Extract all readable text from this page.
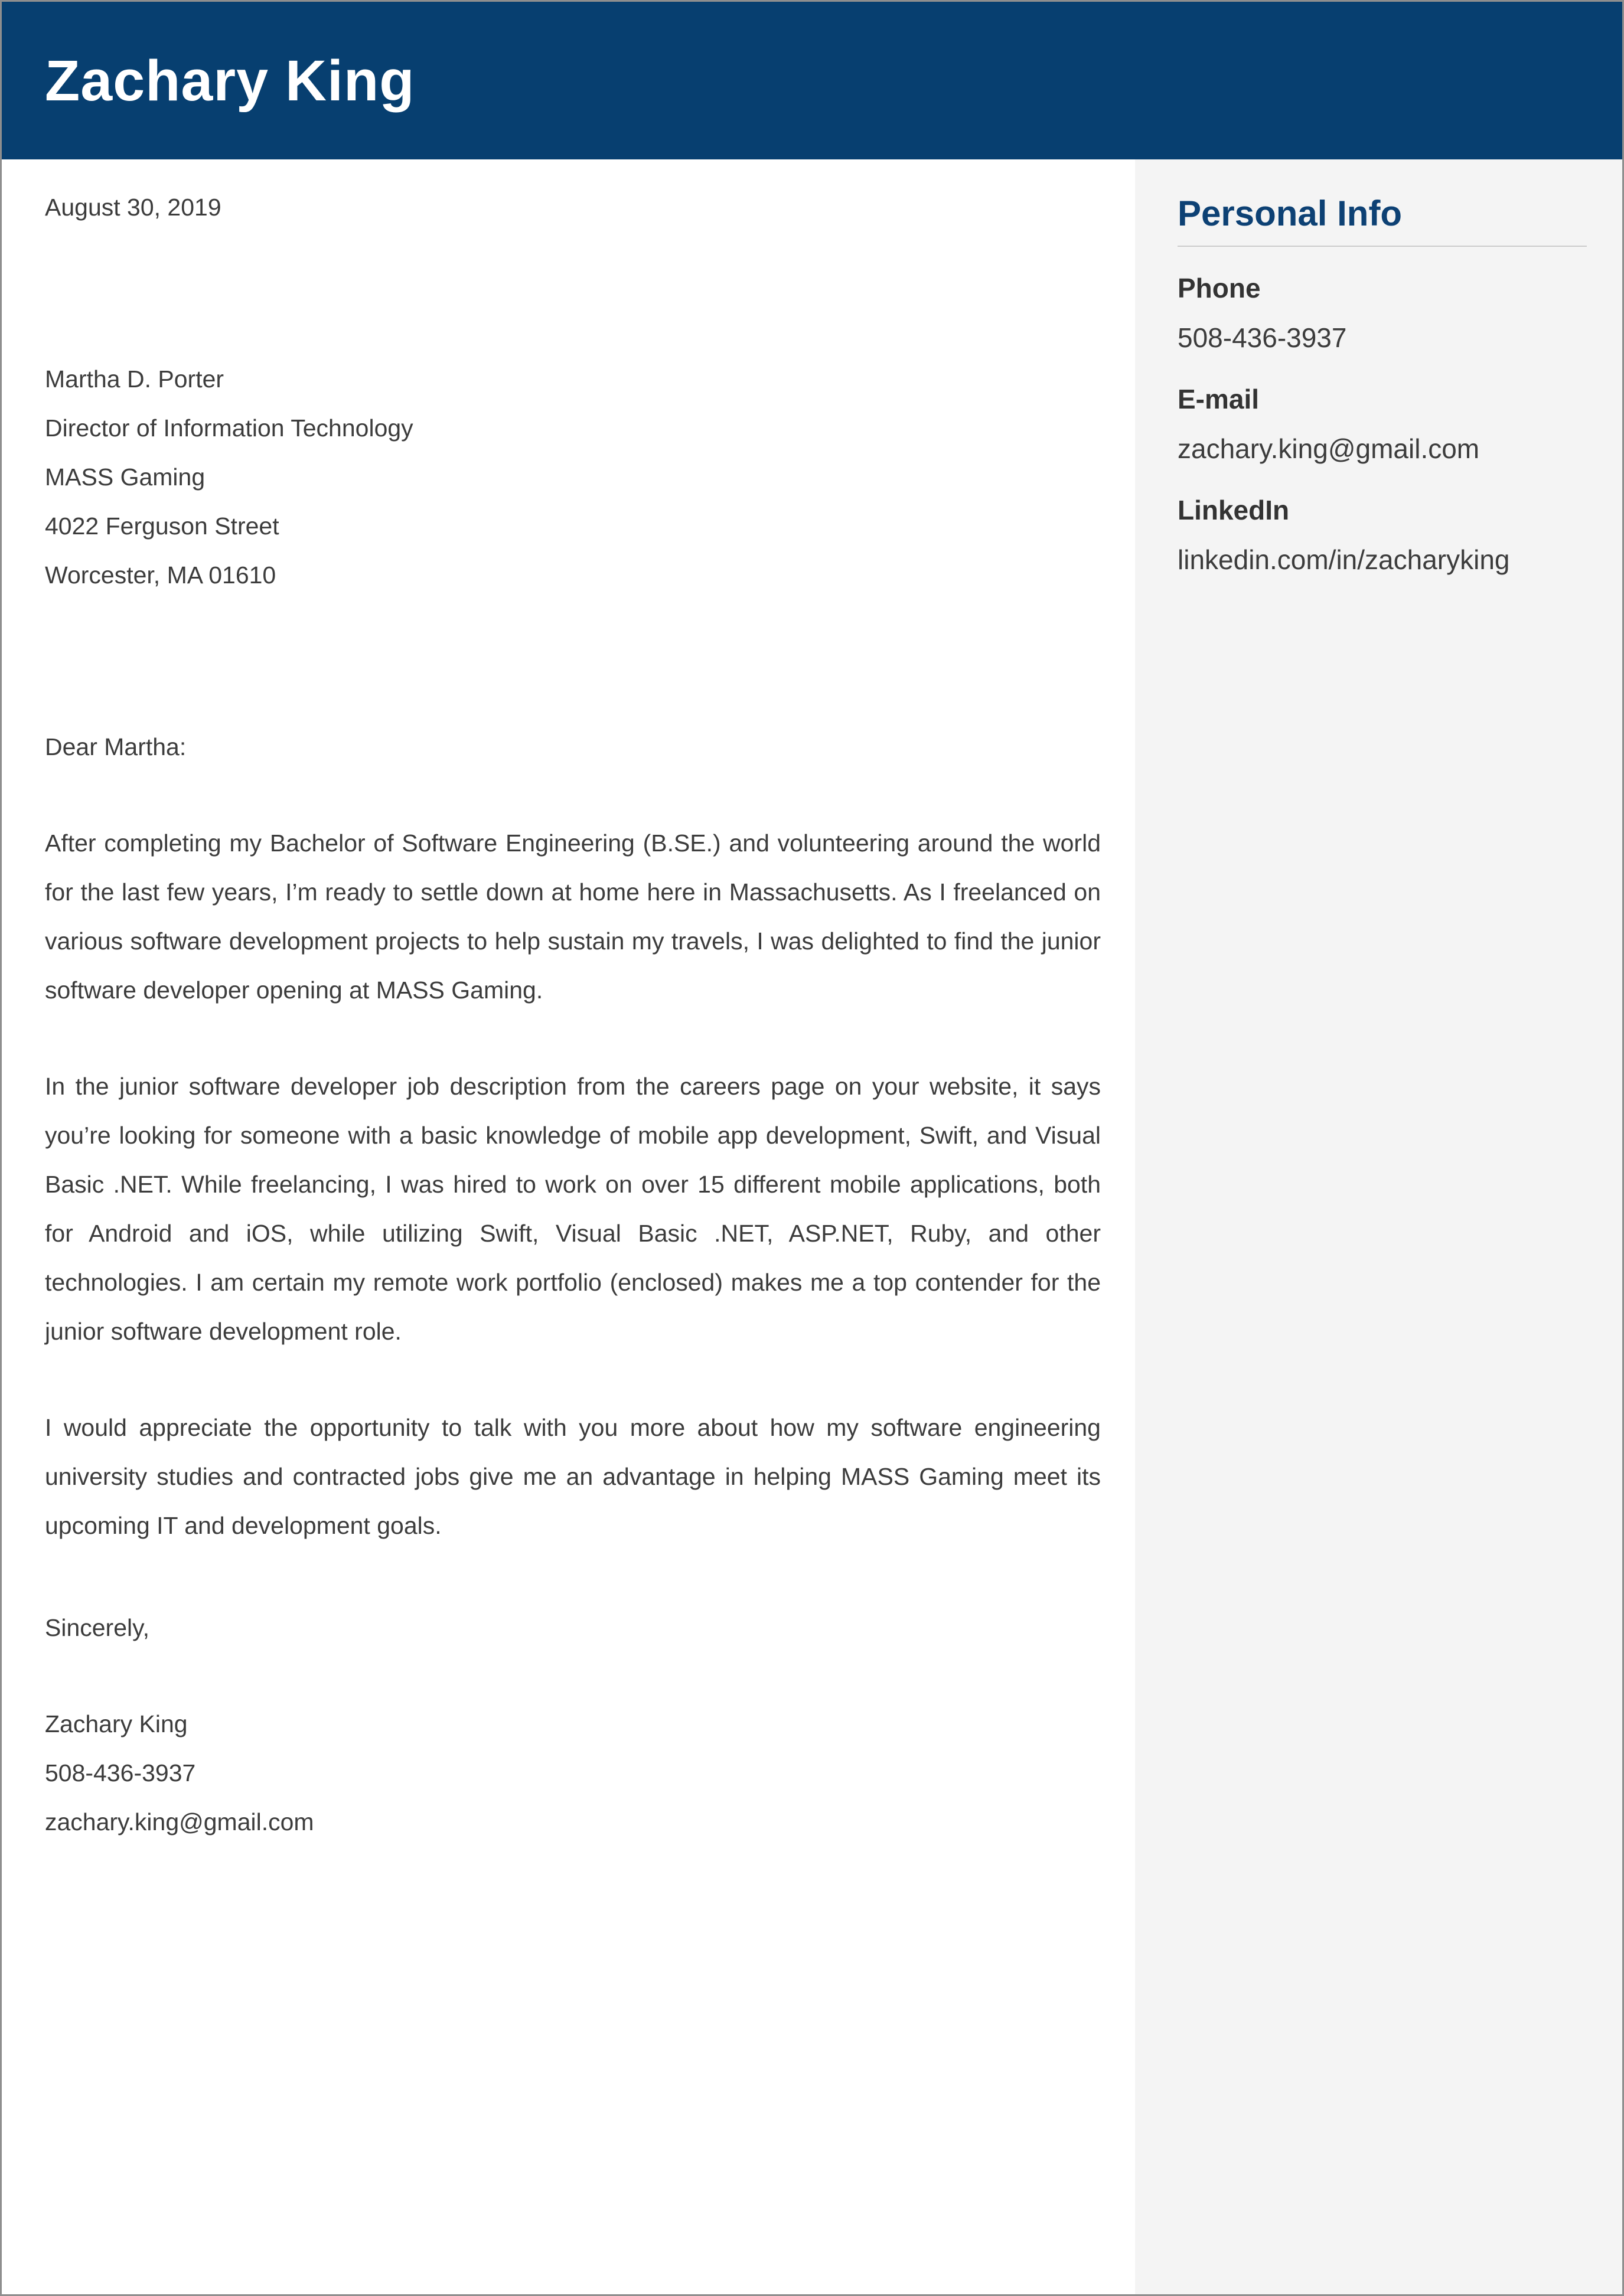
Zachary King
August 30, 2019
Martha D. Porter
Director of Information Technology
MASS Gaming
4022 Ferguson Street
Worcester, MA 01610
Dear Martha:

After completing my Bachelor of Software Engineering (B.SE.) and volunteering around the world for the last few years, I’m ready to settle down at home here in Massachusetts. As I freelanced on various software development projects to help sustain my travels, I was delighted to find the junior software developer opening at MASS Gaming.

In the junior software developer job description from the careers page on your website, it says you’re looking for someone with a basic knowledge of mobile app development, Swift, and Visual Basic .NET. While freelancing, I was hired to work on over 15 different mobile applications, both for Android and iOS, while utilizing Swift, Visual Basic .NET, ASP.NET, Ruby, and other technologies. I am certain my remote work portfolio (enclosed) makes me a top contender for the junior software development role.

I would appreciate the opportunity to talk with you more about how my software engineering university studies and contracted jobs give me an advantage in helping MASS Gaming meet its upcoming IT and development goals.

Sincerely,
Zachary King
508-436-3937
zachary.king@gmail.com
Personal Info
Phone
508-436-3937
E-mail
zachary.king@gmail.com
LinkedIn
linkedin.com/in/zacharyking
